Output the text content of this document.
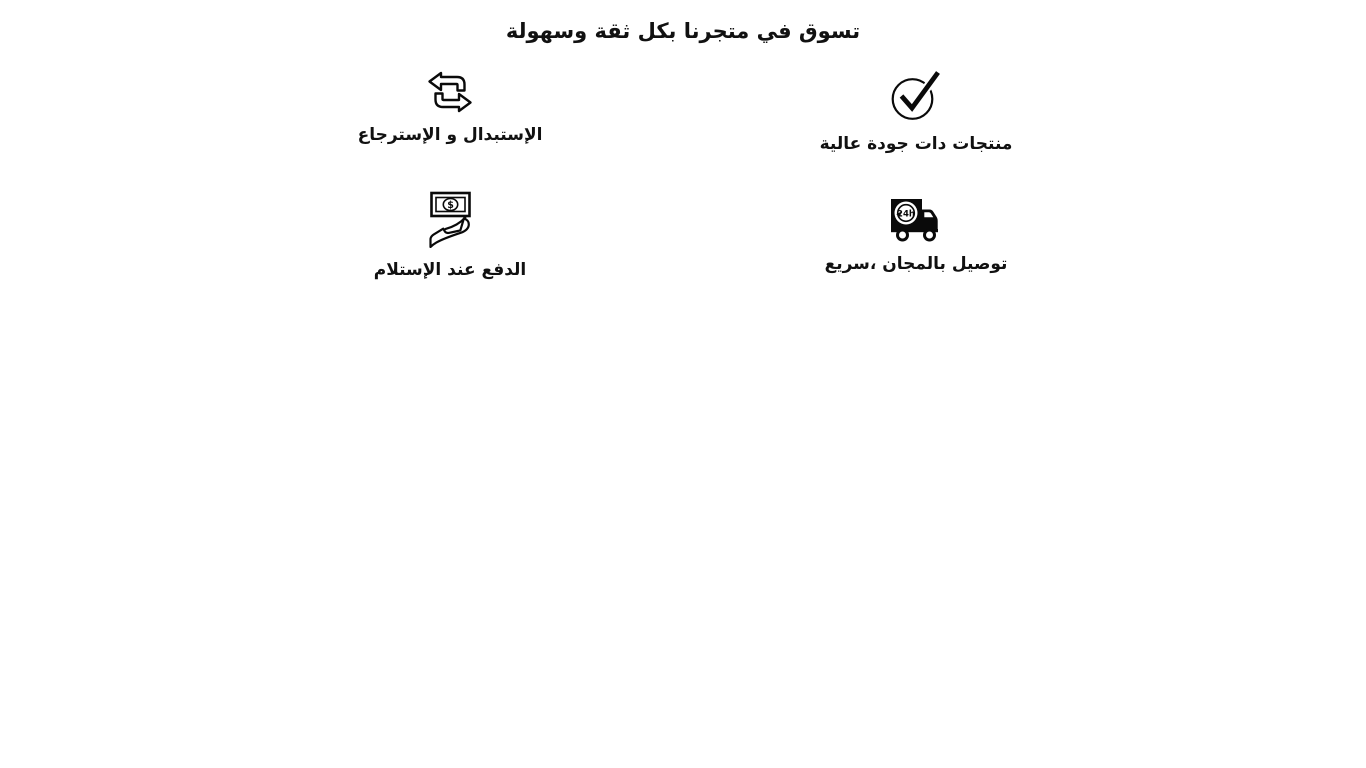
تسوق في متجرنا بكل ثقة وسهولة
منتجات دات جودة عالية
الإستبدال و الإسترجاع
24h
توصيل بالمجان ،سريع
$
الدفع عند الإستلام
